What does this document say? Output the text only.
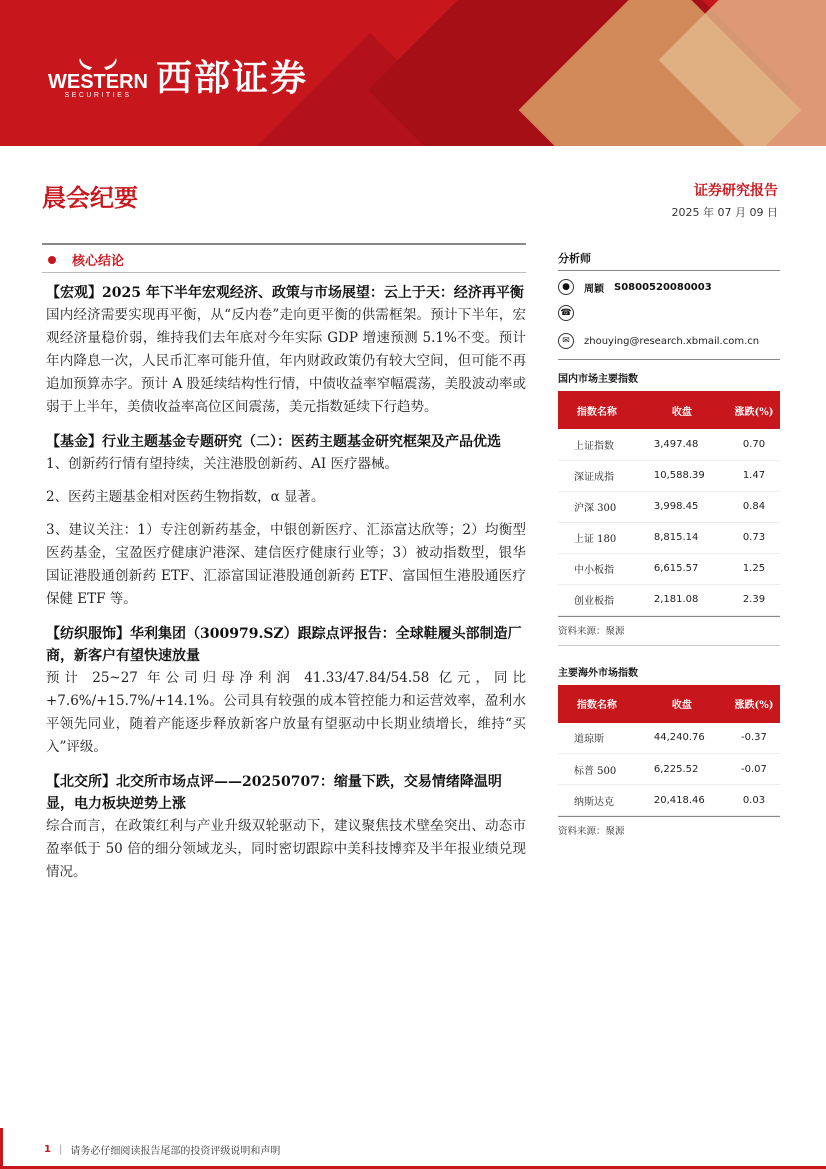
WESTERN
SECURITIES 西部证券
晨会纪要	证券研究报告
2025 年 07 月 09 日
核心结论
【宏观】2025 年下半年宏观经济、政策与市场展望：云上于天：经济再平衡

国内经济需要实现再平衡，从“反内卷”走向更平衡的供需框架。预计下半年，宏观经济量稳价弱，维持我们去年底对今年实际 GDP 增速预测 5.1%不变。预计年内降息一次，人民币汇率可能升值，年内财政政策仍有较大空间，但可能不再追加预算赤字。预计 A 股延续结构性行情，中债收益率窄幅震荡，美股波动率或弱于上半年，美债收益率高位区间震荡，美元指数延续下行趋势。

【基金】行业主题基金专题研究（二）：医药主题基金研究框架及产品优选

1、创新药行情有望持续，关注港股创新药、AI 医疗器械。

2、医药主题基金相对医药生物指数，α 显著。

3、建议关注：1）专注创新药基金，中银创新医疗、汇添富达欣等；2）均衡型医药基金，宝盈医疗健康沪港深、建信医疗健康行业等；3）被动指数型，银华国证港股通创新药 ETF、汇添富国证港股通创新药 ETF、富国恒生港股通医疗保健 ETF 等。

【纺织服饰】华利集团（300979.SZ）跟踪点评报告：全球鞋履头部制造厂商，新客户有望快速放量

预计 25~27 年公司归母净利润 41.33/47.84/54.58 亿元，同比+7.6%/+15.7%/+14.1%。公司具有较强的成本管控能力和运营效率，盈利水平领先同业，随着产能逐步释放新客户放量有望驱动中长期业绩增长，维持“买入”评级。

【北交所】北交所市场点评——20250707：缩量下跌，交易情绪降温明显，电力板块逆势上涨

综合而言，在政策红利与产业升级双轮驱动下，建议聚焦技术壁垒突出、动态市盈率低于 50 倍的细分领域龙头，同时密切跟踪中美科技博弈及半年报业绩兑现情况。

分析师
●	周颖 S0800520080003
☎
✉	zhouying@research.xbmail.com.cn
国内市场主要指数
指数名称	收盘	涨跌(%)
上证指数	3,497.48	0.70
深证成指	10,588.39	1.47
沪深 300	3,998.45	0.84
上证 180	8,815.14	0.73
中小板指	6,615.57	1.25
创业板指	2,181.08	2.39
资料来源：聚源
主要海外市场指数
指数名称	收盘	涨跌(%)
道琼斯	44,240.76	-0.37
标普 500	6,225.52	-0.07
纳斯达克	20,418.46	0.03
资料来源：聚源
1 | 请务必仔细阅读报告尾部的投资评级说明和声明
